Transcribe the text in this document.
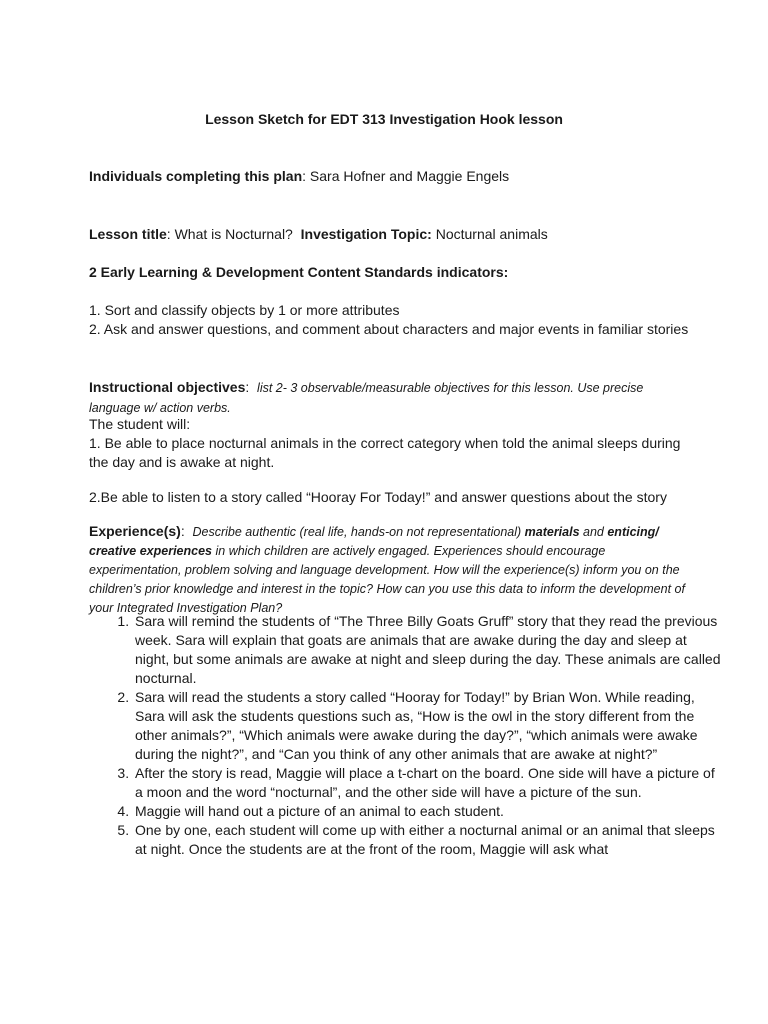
Lesson Sketch for EDT 313 Investigation Hook lesson
Individuals completing this plan: Sara Hofner and Maggie Engels
Lesson title: What is Nocturnal?  Investigation Topic: Nocturnal animals
2 Early Learning & Development Content Standards indicators:
1. Sort and classify objects by 1 or more attributes
2. Ask and answer questions, and comment about characters and major events in familiar stories
Instructional objectives:  list 2- 3 observable/measurable objectives for this lesson. Use precise language w/ action verbs.
The student will:
1. Be able to place nocturnal animals in the correct category when told the animal sleeps during the day and is awake at night.
2.Be able to listen to a story called “Hooray For Today!” and answer questions about the story
Experience(s):  Describe authentic (real life, hands-on not representational) materials and enticing/ creative experiences in which children are actively engaged. Experiences should encourage experimentation, problem solving and language development. How will the experience(s) inform you on the children’s prior knowledge and interest in the topic? How can you use this data to inform the development of your Integrated Investigation Plan?
1. Sara will remind the students of “The Three Billy Goats Gruff” story that they read the previous week. Sara will explain that goats are animals that are awake during the day and sleep at night, but some animals are awake at night and sleep during the day. These animals are called nocturnal.
2. Sara will read the students a story called “Hooray for Today!” by Brian Won. While reading, Sara will ask the students questions such as, “How is the owl in the story different from the other animals?”, “Which animals were awake during the day?”, “which animals were awake during the night?”, and “Can you think of any other animals that are awake at night?”
3. After the story is read, Maggie will place a t-chart on the board. One side will have a picture of a moon and the word “nocturnal”, and the other side will have a picture of the sun.
4. Maggie will hand out a picture of an animal to each student.
5. One by one, each student will come up with either a nocturnal animal or an animal that sleeps at night. Once the students are at the front of the room, Maggie will ask what
